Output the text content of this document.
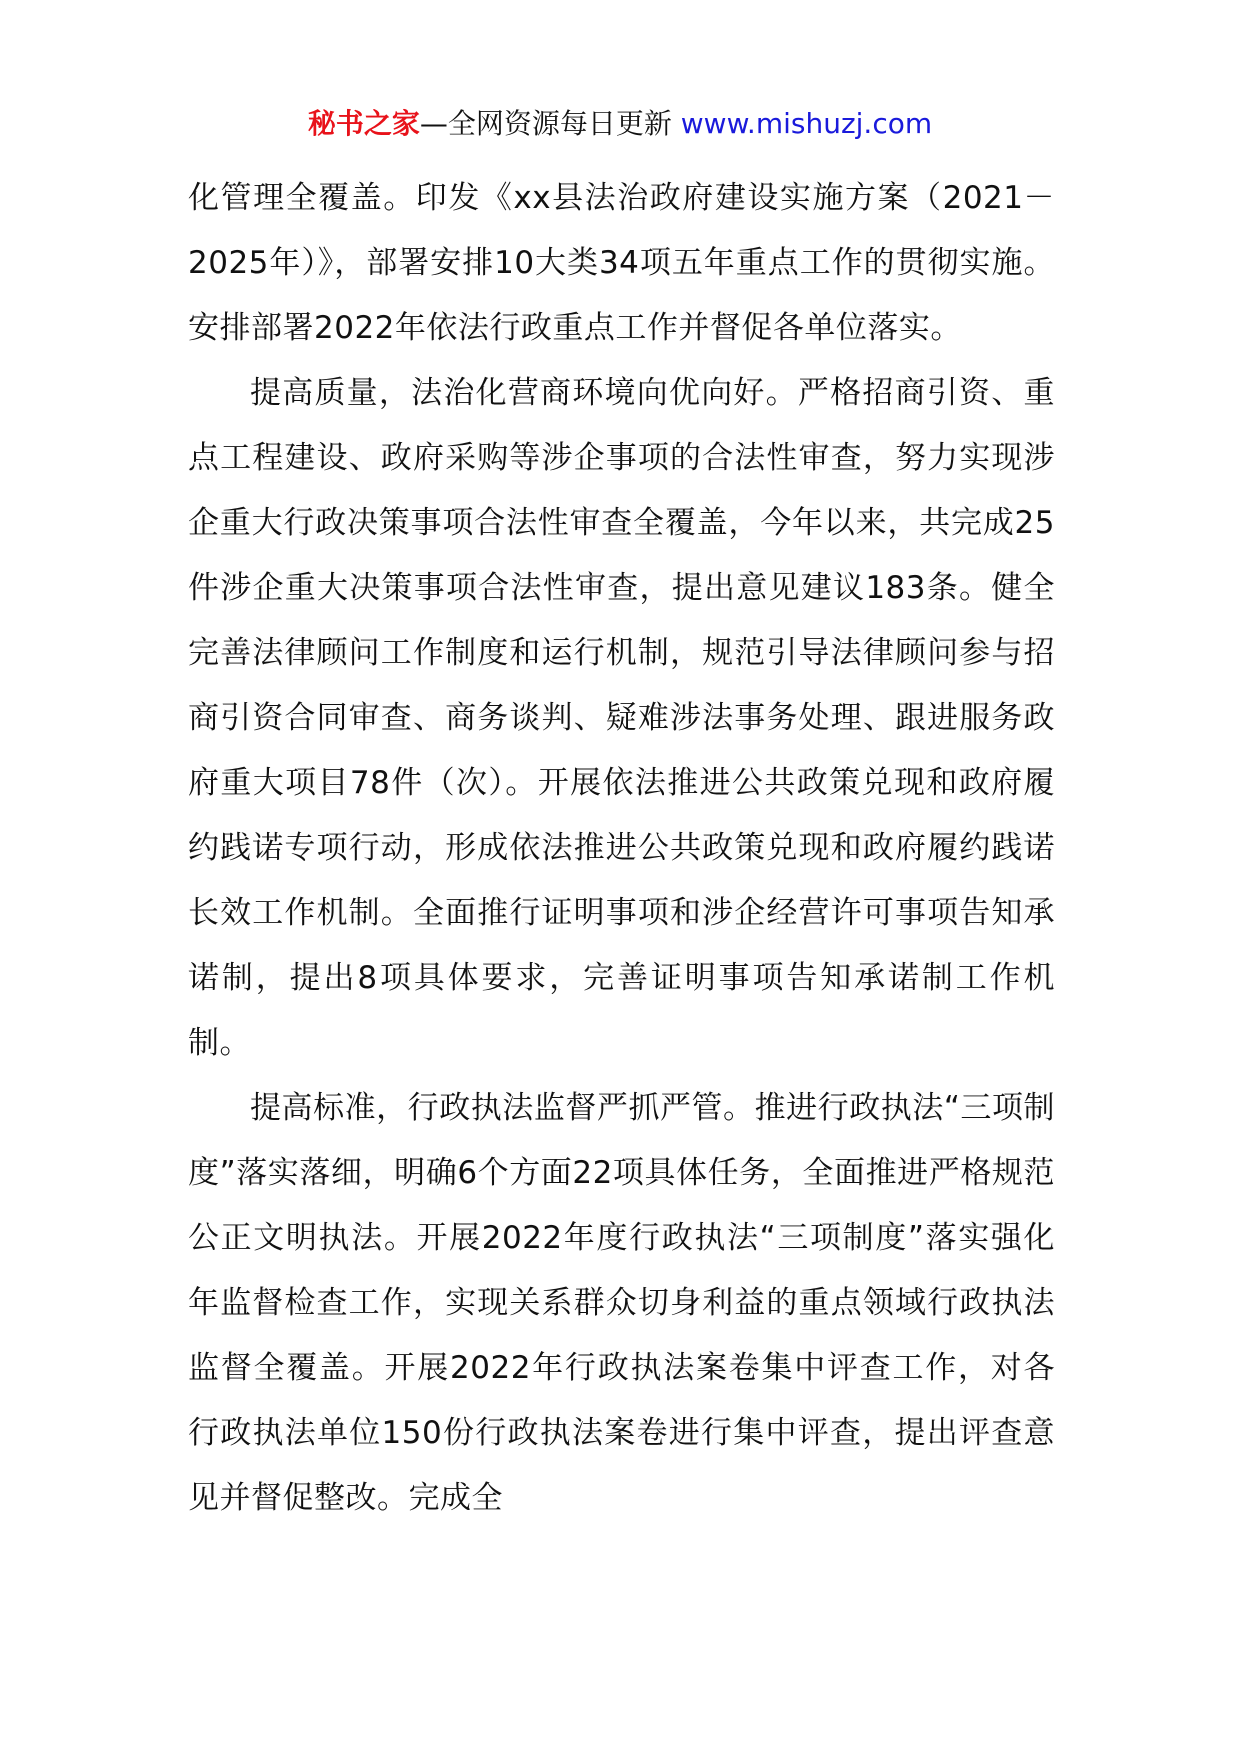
秘书之家—全网资源每日更新 www.mishuzj.com

化管理全覆盖。印发《xx县法治政府建设实施方案（2021－2025年）》，部署安排10大类34项五年重点工作的贯彻实施。安排部署2022年依法行政重点工作并督促各单位落实。

提高质量，法治化营商环境向优向好。严格招商引资、重点工程建设、政府采购等涉企事项的合法性审查，努力实现涉企重大行政决策事项合法性审查全覆盖，今年以来，共完成25件涉企重大决策事项合法性审查，提出意见建议183条。健全完善法律顾问工作制度和运行机制，规范引导法律顾问参与招商引资合同审查、商务谈判、疑难涉法事务处理、跟进服务政府重大项目78件（次）。开展依法推进公共政策兑现和政府履约践诺专项行动，形成依法推进公共政策兑现和政府履约践诺长效工作机制。全面推行证明事项和涉企经营许可事项告知承诺制，提出8项具体要求，完善证明事项告知承诺制工作机制。

提高标准，行政执法监督严抓严管。推进行政执法“三项制度”落实落细，明确6个方面22项具体任务，全面推进严格规范公正文明执法。开展2022年度行政执法“三项制度”落实强化年监督检查工作，实现关系群众切身利益的重点领域行政执法监督全覆盖。开展2022年行政执法案卷集中评查工作，对各行政执法单位150份行政执法案卷进行集中评查，提出评查意见并督促整改。完成全
